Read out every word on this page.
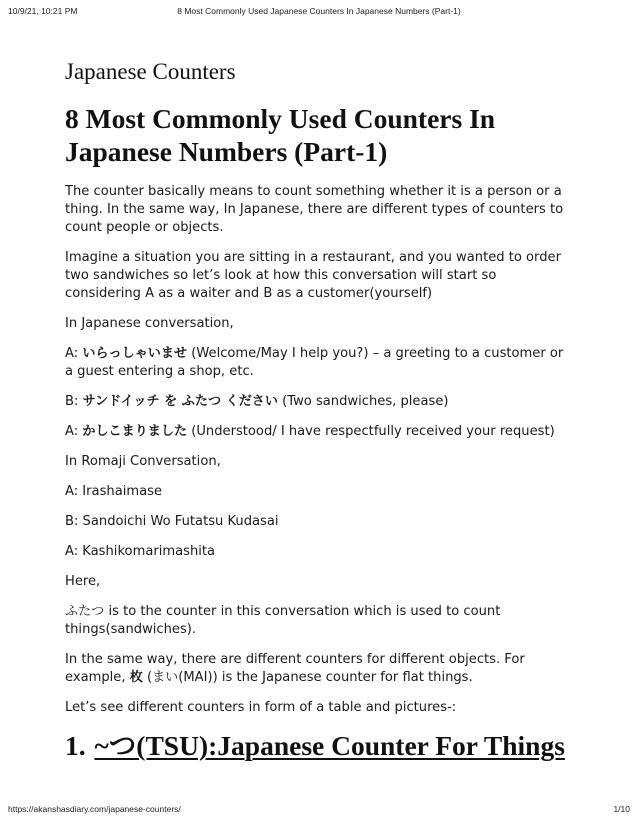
10/9/21, 10:21 PM	8 Most Commonly Used Japanese Counters In Japanese Numbers (Part-1)
Japanese Counters
8 Most Commonly Used Counters In Japanese Numbers (Part-1)

The counter basically means to count something whether it is a person or a thing. In the same way, In Japanese, there are different types of counters to count people or objects.

Imagine a situation you are sitting in a restaurant, and you wanted to order two sandwiches so let’s look at how this conversation will start so considering A as a waiter and B as a customer(yourself)

In Japanese conversation,

A: いらっしゃいませ (Welcome/May I help you?) – a greeting to a customer or a guest entering a shop, etc.

B: サンドイッチ を ふたつ ください (Two sandwiches, please)

A: かしこまりました (Understood/ I have respectfully received your request)

In Romaji Conversation,

A: Irashaimase

B: Sandoichi Wo Futatsu Kudasai

A: Kashikomarimashita

Here,

ふたつ is to the counter in this conversation which is used to count things(sandwiches).

In the same way, there are different counters for different objects. For example, 枚 (まい(MAI)) is the Japanese counter for flat things.

Let’s see different counters in form of a table and pictures-:

1. ~つ(TSU):Japanese Counter For Things
https://akanshasdiary.com/japanese-counters/	1/10
